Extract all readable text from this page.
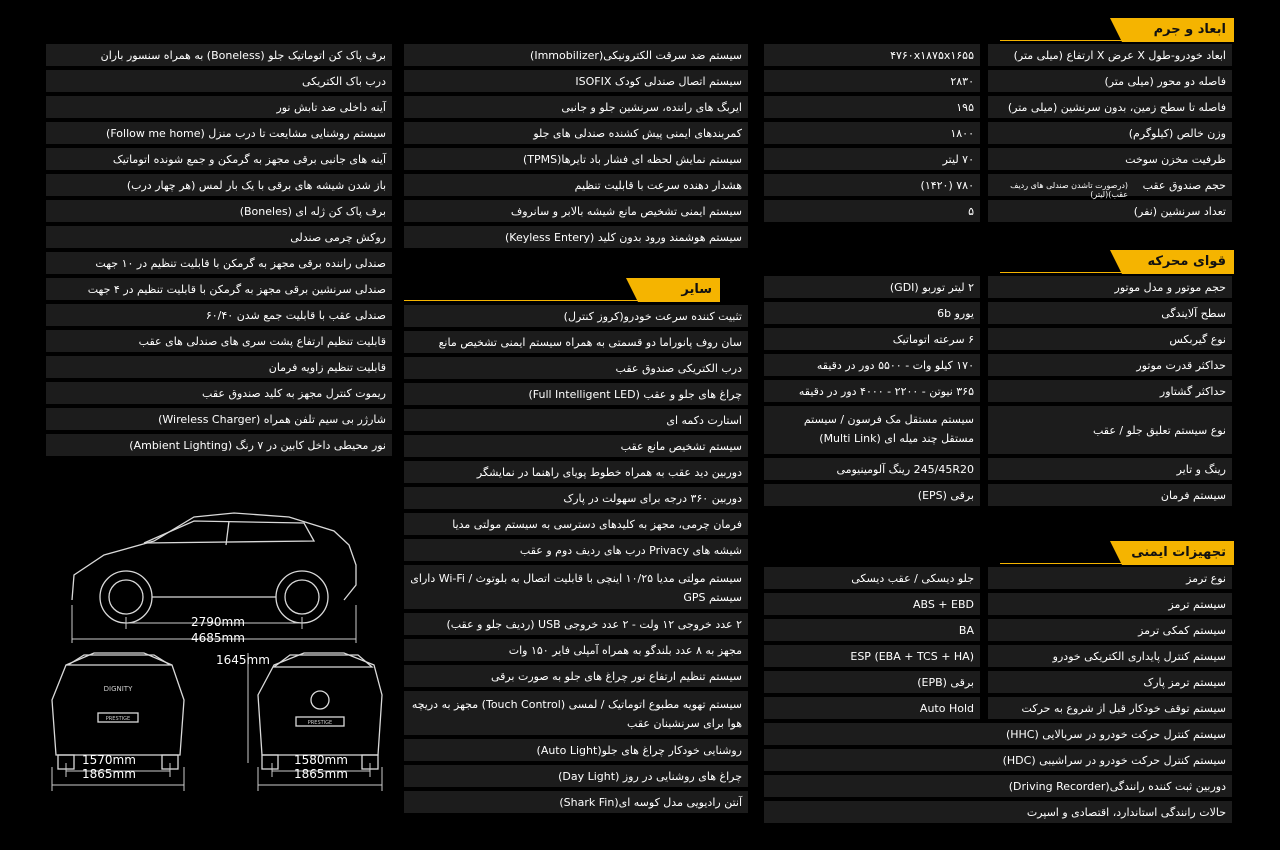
ابعاد و جرم
قوای محرکه
تجهیزات ایمنی
سایر
ابعاد خودرو-طول X عرض X ارتفاع (میلی متر)
۴۷۶۰x۱۸۷۵x۱۶۵۵
فاصله دو محور (میلی متر)
۲۸۳۰
فاصله تا سطح زمین، بدون سرنشین (میلی متر)
۱۹۵
وزن خالص (کیلوگرم)
۱۸۰۰
ظرفیت مخزن سوخت
۷۰ لیتر
حجم صندوق عقب
(درصورت تاشدن صندلی های ردیف عقب)(لیتر)
۷۸۰ (۱۴۲۰)
تعداد سرنشین (نفر)
۵
حجم موتور و مدل موتور
۲ لیتر توربو (GDI)
سطح آلایندگی
یورو 6b
نوع گیربکس
۶ سرعته اتوماتیک
حداکثر قدرت موتور
۱۷۰ کیلو وات - ۵۵۰۰ دور در دقیقه
حداکثر گشتاور
۳۶۵ نیوتن - ۲۲۰۰ - ۴۰۰۰ دور در دقیقه
نوع سیستم تعلیق جلو / عقب
سیستم مستقل مک فرسون / سیستم مستقل چند میله ای (Multi Link)
رینگ و تایر
245/45R20 رینگ آلومینیومی
سیستم فرمان
برقی (EPS)
نوع ترمز
جلو دیسکی / عقب دیسکی
سیستم ترمز
ABS + EBD
سیستم کمکی ترمز
BA
سیستم کنترل پایداری الکتریکی خودرو
ESP (EBA + TCS + HA)
سیستم ترمز پارک
برقی (EPB)
سیستم توقف خودکار قبل از شروع به حرکت
Auto Hold
سیستم کنترل حرکت خودرو در سربالایی (HHC)
سیستم کنترل حرکت خودرو در سراشیبی (HDC)
دوربین ثبت کننده رانندگی(Driving Recorder)
حالات رانندگی استاندارد، اقتصادی و اسپرت
سیستم ضد سرقت الکترونیکی(Immobilizer)
سیستم اتصال صندلی کودک ISOFIX
ایربگ های راننده، سرنشین جلو و جانبی
کمربندهای ایمنی پیش کشنده صندلی های جلو
سیستم نمایش لحظه ای فشار باد تایرها(TPMS)
هشدار دهنده سرعت با قابلیت تنظیم
سیستم ایمنی تشخیص مانع شیشه بالابر و سانروف
سیستم هوشمند ورود بدون کلید (Keyless Entery)
تثبیت کننده سرعت خودرو(کروز کنترل)
سان روف پانوراما دو قسمتی به همراه سیستم ایمنی تشخیص مانع
درب الکتریکی صندوق عقب
چراغ های جلو و عقب (Full Intelligent LED)
استارت دکمه ای
سیستم تشخیص مانع عقب
دوربین دید عقب به همراه خطوط پویای راهنما در نمایشگر
دوربین ۳۶۰ درجه برای سهولت در پارک
فرمان چرمی، مجهز به کلیدهای دسترسی به سیستم مولتی مدیا
شیشه های Privacy درب های ردیف دوم و عقب
سیستم مولتی مدیا ۱۰/۲۵ اینچی با قابلیت اتصال به بلوتوث / Wi-Fi دارای سیستم GPS
۲ عدد خروجی ۱۲ ولت - ۲ عدد خروجی USB (ردیف جلو و عقب)
مجهز به ۸ عدد بلندگو به همراه آمپلی فایر ۱۵۰ وات
سیستم تنظیم ارتفاع نور چراغ های جلو به صورت برقی
سیستم تهویه مطبوع اتوماتیک / لمسی (Touch Control) مجهز به دریچه هوا برای سرنشینان عقب
روشنایی خودکار چراغ های جلو(Auto Light)
چراغ های روشنایی در روز (Day Light)
آنتن رادیویی مدل کوسه ای(Shark Fin)
برف پاک کن اتوماتیک جلو (Boneless) به همراه سنسور باران
درب باک الکتریکی
آینه داخلی ضد تابش نور
سیستم روشنایی مشایعت تا درب منزل (Follow me home)
آینه های جانبی برقی مجهز به گرمکن و جمع شونده اتوماتیک
باز شدن شیشه های برقی با یک بار لمس (هر چهار درب)
برف پاک کن ژله ای (Boneles)
روکش چرمی صندلی
صندلی راننده برقی مجهز به گرمکن با قابلیت تنظیم در ۱۰ جهت
صندلی سرنشین برقی مجهز به گرمکن با قابلیت تنظیم در ۴ جهت
صندلی عقب با قابلیت جمع شدن ۶۰/۴۰
قابلیت تنظیم ارتفاع پشت سری های صندلی های عقب
قابلیت تنظیم زاویه فرمان
ریموت کنترل مجهز به کلید صندوق عقب
شارژر بی سیم تلفن همراه (Wireless Charger)
نور محیطی داخل کابین در ۷ رنگ (Ambient Lighting)
DIGNITY
PRESTIGE
PRESTIGE
2790mm
4685mm
1645mm
1570mm
1865mm
1580mm
1865mm
